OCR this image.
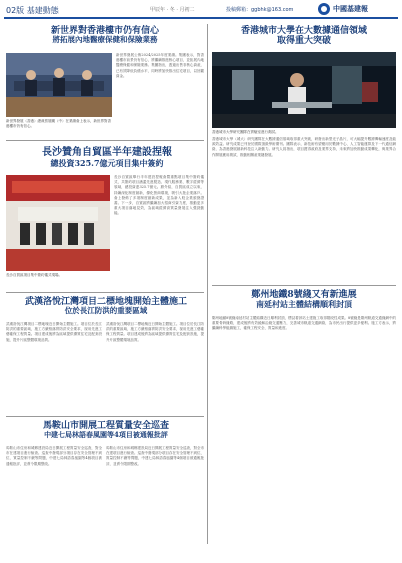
02版 基建動態	甲辰年 · 冬 · 月初二	投稿郵箱：ggbhk@163.com	中國基建報
新世界對香港樓市仍有信心
將拓展內地醫療保健和保險業務
新世界發展（香港）總裁蔡展鵬（中）在業績會上表示，新世界對香港樓市仍有信心。
新世界發展公佈2024/2025年度業績。集團表示，對香港樓市前景仍有信心，將繼續推進核心項目，並拓展內地醫療保健和保險業務。集團指出，透過出售非核心資產，已有效降低負債水平，同時將加快推出住宅項目，以回籠資金。
香港城市大學在大數據通信領域
取得重大突破
香港城市大學研究團隊在實驗室進行測試。
香港城市大學（城大）研究團隊在大數據通信領域取得重大突破，研發出新型光子晶片，可大幅提升數據傳輸速度及能源效益。研究成果已刊登於國際頂級學術期刊。團隊表示，新技術有望應用於數據中心、人工智能運算及下一代通信網絡，為香港發展創新科技注入新動力。研究人員指出，項目獲得政府及業界支持，未來將加快推動成果轉化，與業界合作開展應用測試，推動相關產業鏈發展。
長沙贊角自貿區半年建設捏報
總投資325.7億元項目集中簽約
長沙自貿區項目集中簽約儀式現場。
長沙自貿區舉行半年建設捏報會暨重點項目集中簽約儀式，共簽約項目涵蓋先進製造、現代服務業、數字經濟等領域，總投資達325.7億元。據介紹，自貿區成立以來，持續深化制度創新，優化營商環境，吸引大批企業落戶。會上發佈了多項制度創新成果，並為新入駐企業頒發證書。下一步，自貿區將繼續加大招商引資力度，推動更多重大項目落地見效，為區域經濟高質量發展注入強勁動能。
武漢洛悅江灣項目二標地塊開始主體施工
位於長江防洪的重要區域
武漢洛悅江灣項目二標地塊近日開始主體施工。項目位於長江防洪的重要區域，施工方嚴格落實防洪安全要求，採用先進工藝確保工程質量。項目建成後將為區域提供優質住宅及配套設施，提升片區整體環境品質。
武漢洛悅江灣項目二標地塊近日開始主體施工。項目位於長江防洪的重要區域，施工方嚴格落實防洪安全要求，採用先進工藝確保工程質量。項目建成後將為區域提供優質住宅及配套設施，提升片區整體環境品質。
馬鞍山市開展工程質量安全巡查
中建七局林語春風園等4項目被通報批評
馬鞍山市住房和城鄉建設局近日開展工程質量安全巡查，對全市在建項目進行檢查。巡查中發現部分項目存在安全管理不到位、質量控制不嚴等問題，中建七局林語春風園等4個項目被通報批評，並責令限期整改。
馬鞍山市住房和城鄉建設局近日開展工程質量安全巡查，對全市在建項目進行檢查。巡查中發現部分項目存在安全管理不到位、質量控制不嚴等問題，中建七局林語春風園等4個項目被通報批評，並責令限期整改。
鄭州地鐵8號綫又有新進展
南延村站主體結構順利封頂
鄭州地鐵8號綫南延村站主體結構近日順利封頂，標誌着該站土建施工取得階段性成果。8號綫是鄭州軌道交通綫網中的重要骨幹綫路，建成後將有效緩解沿綫交通壓力，完善城市軌道交通網絡，為市民出行提供更多便利。施工方表示，將繼續科學組織施工，確保工程安全、質量和進度。
